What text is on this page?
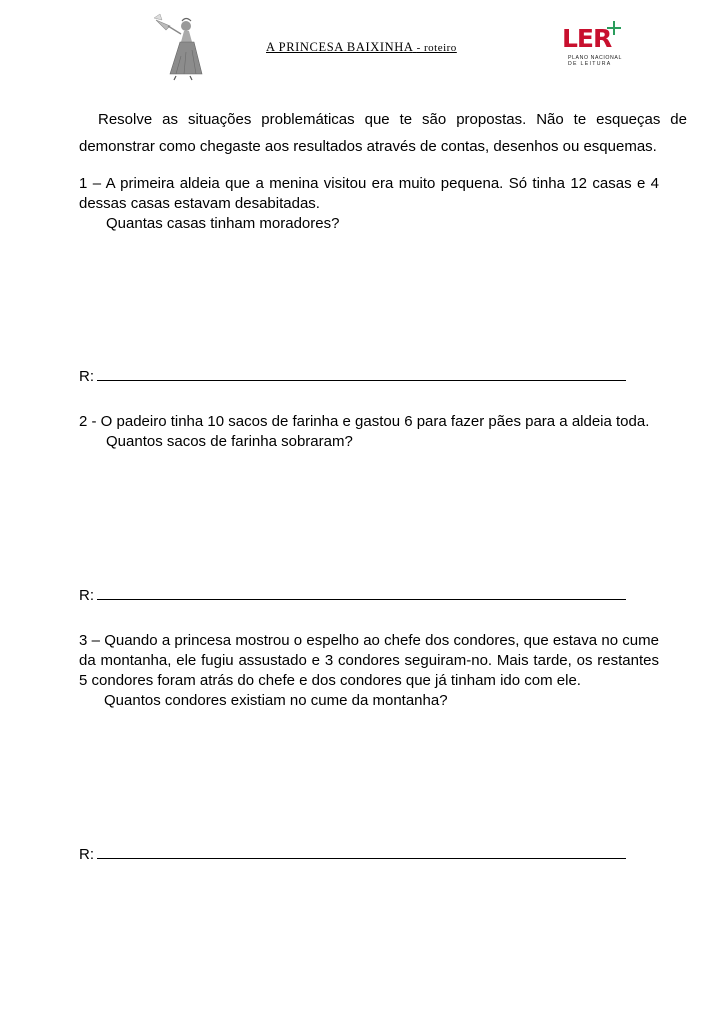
A PRINCESA BAIXINHA - roteiro	LER
PLANO NACIONAL
DE LEITURA

Resolve as situações problemáticas que te são propostas. Não te esqueças de demonstrar como chegaste aos resultados através de contas, desenhos ou esquemas.

1 – A primeira aldeia que a menina visitou era muito pequena. Só tinha 12 casas e 4 dessas casas estavam desabitadas.

Quantas casas tinham moradores?

R:

2 - O padeiro tinha 10 sacos de farinha e gastou 6 para fazer pães para a aldeia toda.

Quantos sacos de farinha sobraram?

R:

3 – Quando a princesa mostrou o espelho ao chefe dos condores, que estava no cume da montanha, ele fugiu assustado e 3 condores seguiram-no. Mais tarde, os restantes 5 condores foram atrás do chefe e dos condores que já tinham ido com ele.

Quantos condores existiam no cume da montanha?

R:
